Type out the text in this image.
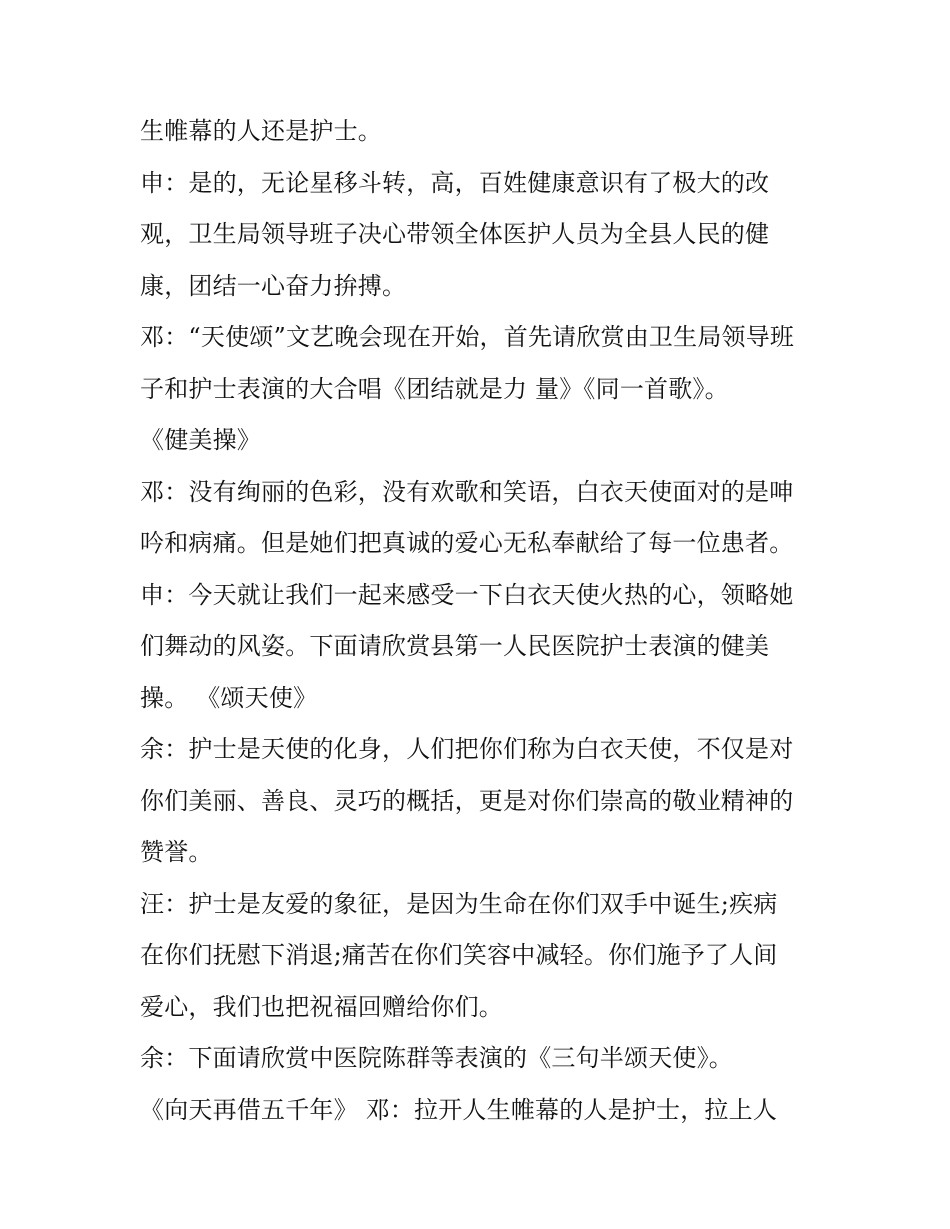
生帷幕的人还是护士。
申：是的，无论星移斗转，高，百姓健康意识有了极大的改
观，卫生局领导班子决心带领全体医护人员为全县人民的健
康，团结一心奋力拚搏。
邓：“天使颂”文艺晚会现在开始，首先请欣赏由卫生局领导班
子和护士表演的大合唱《团结就是力 量》《同一首歌》。
《健美操》
邓：没有绚丽的色彩，没有欢歌和笑语，白衣天使面对的是呻
吟和病痛。但是她们把真诚的爱心无私奉献给了每一位患者。
申：今天就让我们一起来感受一下白衣天使火热的心，领略她
们舞动的风姿。下面请欣赏县第一人民医院护士表演的健美
操。 《颂天使》
余：护士是天使的化身，人们把你们称为白衣天使，不仅是对
你们美丽、善良、灵巧的概括，更是对你们崇高的敬业精神的
赞誉。
汪：护士是友爱的象征，是因为生命在你们双手中诞生;疾病
在你们抚慰下消退;痛苦在你们笑容中减轻。你们施予了人间
爱心，我们也把祝福回赠给你们。
余：下面请欣赏中医院陈群等表演的《三句半颂天使》。
《向天再借五千年》 邓：拉开人生帷幕的人是护士，拉上人
